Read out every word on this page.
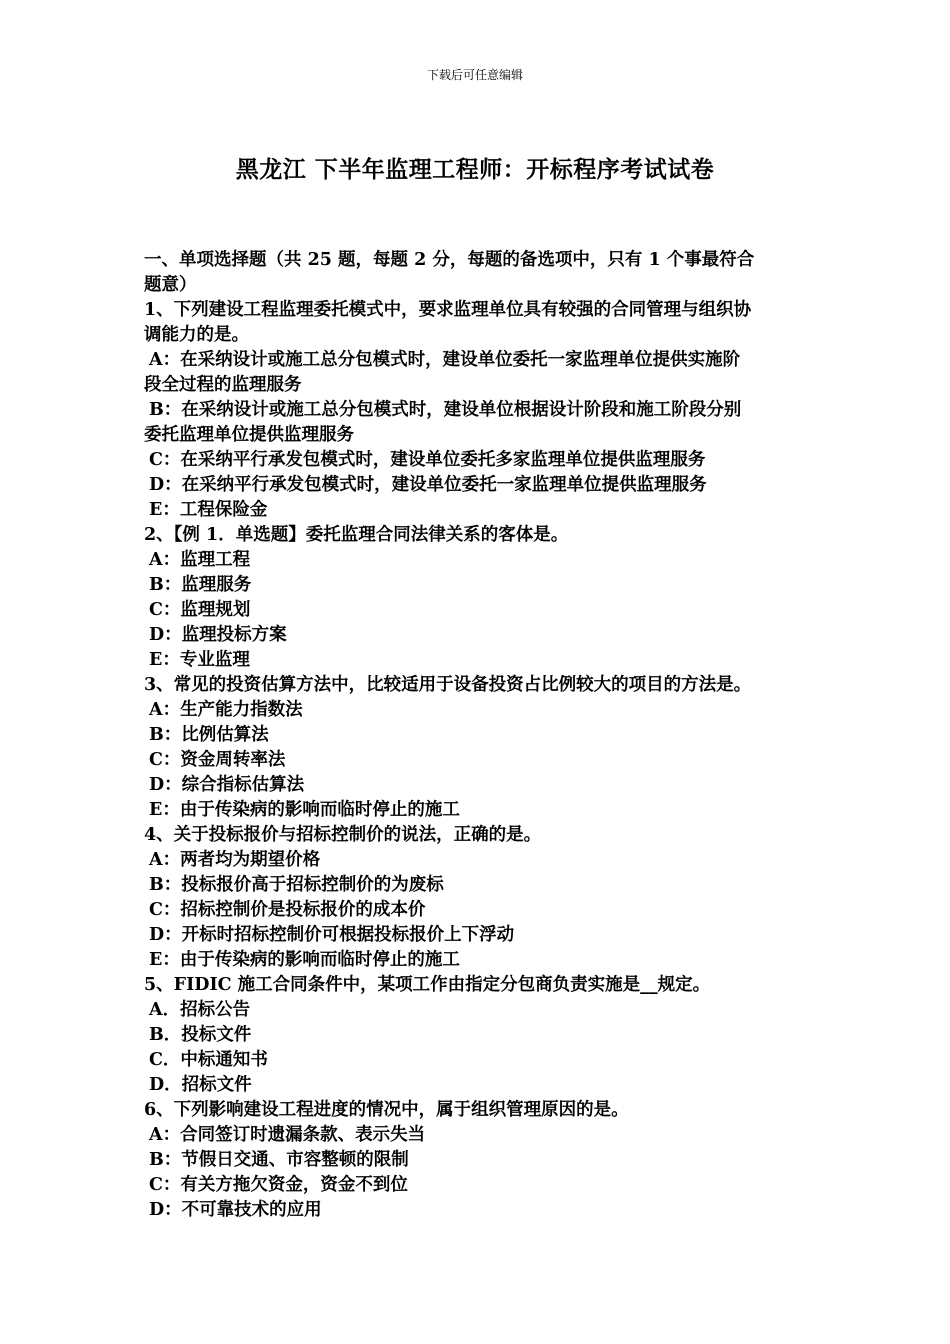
下载后可任意编辑
黑龙江 下半年监理工程师：开标程序考试试卷
一、单项选择题（共 25 题，每题 2 分，每题的备选项中，只有 1 个事最符合
题意）
1、下列建设工程监理委托模式中，要求监理单位具有较强的合同管理与组织协
调能力的是。
A：在采纳设计或施工总分包模式时，建设单位委托一家监理单位提供实施阶
段全过程的监理服务
B：在采纳设计或施工总分包模式时，建设单位根据设计阶段和施工阶段分别
委托监理单位提供监理服务
C：在采纳平行承发包模式时，建设单位委托多家监理单位提供监理服务
D：在采纳平行承发包模式时，建设单位委托一家监理单位提供监理服务
E：工程保险金
2、【例 1．单选题】委托监理合同法律关系的客体是。
A：监理工程
B：监理服务
C：监理规划
D：监理投标方案
E：专业监理
3、常见的投资估算方法中，比较适用于设备投资占比例较大的项目的方法是。
A：生产能力指数法
B：比例估算法
C：资金周转率法
D：综合指标估算法
E：由于传染病的影响而临时停止的施工
4、关于投标报价与招标控制价的说法，正确的是。
A：两者均为期望价格
B：投标报价高于招标控制价的为废标
C：招标控制价是投标报价的成本价
D：开标时招标控制价可根据投标报价上下浮动
E：由于传染病的影响而临时停止的施工
5、FIDIC 施工合同条件中，某项工作由指定分包商负责实施是__规定。
A．招标公告
B．投标文件
C．中标通知书
D．招标文件
6、下列影响建设工程进度的情况中，属于组织管理原因的是。
A：合同签订时遗漏条款、表示失当
B：节假日交通、市容整顿的限制
C：有关方拖欠资金，资金不到位
D：不可靠技术的应用
